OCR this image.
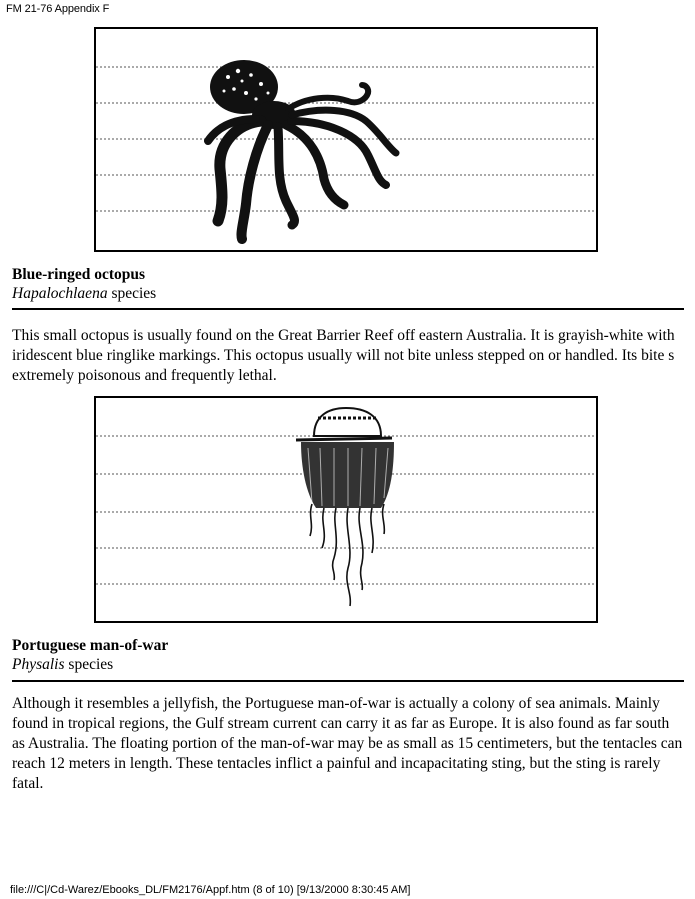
FM 21-76 Appendix F
Blue-ringed octopus
Hapalochlaena species
This small octopus is usually found on the Great Barrier Reef off eastern Australia. It is grayish-white with iridescent blue ringlike markings. This octopus usually will not bite unless stepped on or handled. Its bite s extremely poisonous and frequently lethal.
Portuguese man-of-war
Physalis species
Although it resembles a jellyfish, the Portuguese man-of-war is actually a colony of sea animals. Mainly found in tropical regions, the Gulf stream current can carry it as far as Europe. It is also found as far south as Australia. The floating portion of the man-of-war may be as small as 15 centimeters, but the tentacles can reach 12 meters in length. These tentacles inflict a painful and incapacitating sting, but the sting is rarely fatal.
file:///C|/Cd-Warez/Ebooks_DL/FM2176/Appf.htm (8 of 10) [9/13/2000 8:30:45 AM]
